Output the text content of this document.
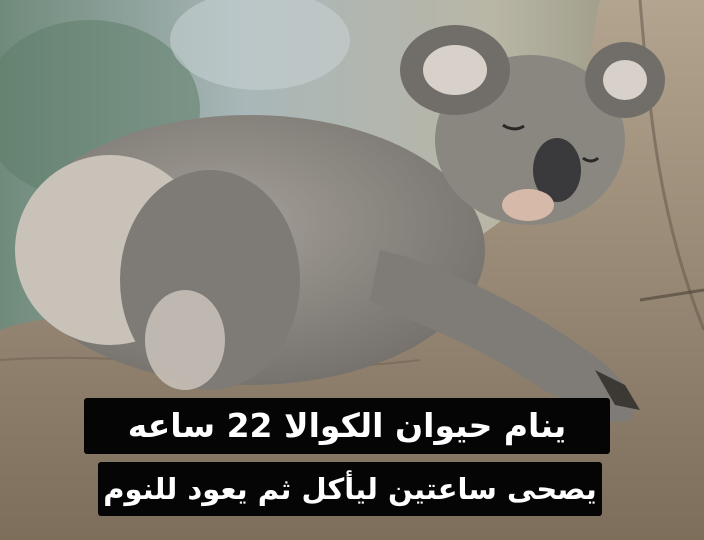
ينام حيوان الكوالا 22 ساعه
يصحى ساعتين ليأكل ثم يعود للنوم
